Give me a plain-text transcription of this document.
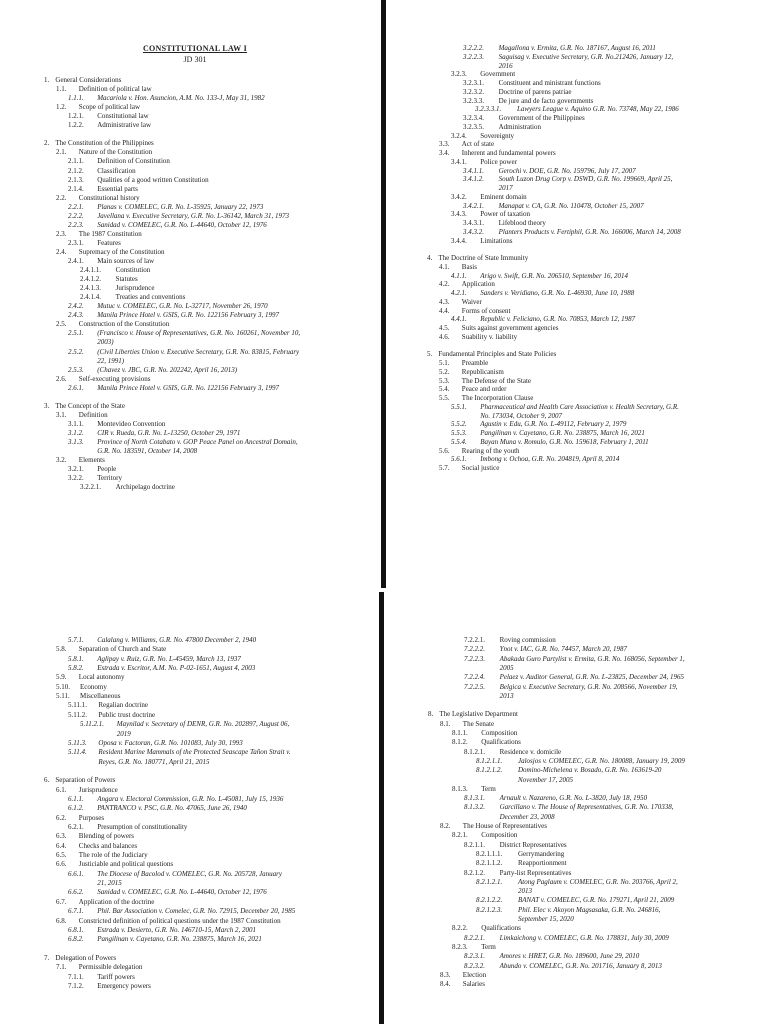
CONSTITUTIONAL LAW I
JD 301
1. General Considerations
1.1. Definition of political law
1.1.1. Macariola v. Hon. Asuncion, A.M. No. 133-J, May 31, 1982
1.2. Scope of political law
1.2.1. Constitutional law
1.2.2. Administrative law
2. The Constitution of the Philippines
2.1. Nature of the Constitution
2.1.1. Definition of Constitution
2.1.2. Classification
2.1.3. Qualities of a good written Constitution
2.1.4. Essential parts
2.2. Constitutional history
2.2.1. Planas v. COMELEC, G.R. No. L-35925, January 22, 1973
2.2.2. Javellana v. Executive Secretary, G.R. No. L-36142, March 31, 1973
2.2.3. Sanidad v. COMELEC, G.R. No. L-44640, October 12, 1976
2.3. The 1987 Constitution
2.3.1. Features
2.4. Supremacy of the Constitution
2.4.1. Main sources of law
2.4.1.1. Constitution
2.4.1.2. Statutes
2.4.1.3. Jurisprudence
2.4.1.4. Treaties and conventions
2.4.2. Mutuc v. COMELEC, G.R. No. L-32717, November 26, 1970
2.4.3. Manila Prince Hotel v. GSIS, G.R. No. 122156 February 3, 1997
2.5. Construction of the Constitution
2.5.1. (Francisco v. House of Representatives, G.R. No. 160261, November 10,
2003)
2.5.2. (Civil Liberties Union v. Executive Secretary, G.R. No. 83815, February
22, 1991)
2.5.3. (Chavez v. JBC, G.R. No. 202242, April 16, 2013)
2.6. Self-executing provisions
2.6.1. Manila Prince Hotel v. GSIS, G.R. No. 122156 February 3, 1997
3. The Concept of the State
3.1. Definition
3.1.1. Montevideo Convention
3.1.2. CIR v. Rueda, G.R. No. L-13250, October 29, 1971
3.1.3. Province of North Cotabato v. GOP Peace Panel on Ancestral Domain,
G.R. No. 183591, October 14, 2008
3.2. Elements
3.2.1. People
3.2.2. Territory
3.2.2.1. Archipelago doctrine
3.2.2.2. Magallona v. Ermita, G.R. No. 187167, August 16, 2011
3.2.2.3. Saguisag v. Executive Secretary, G.R. No.212426, January 12,
2016
3.2.3. Government
3.2.3.1. Constituent and ministrant functions
3.2.3.2. Doctrine of parens patriae
3.2.3.3. De jure and de facto governments
3.2.3.3.1. Lawyers League v. Aquino G.R. No. 73748, May 22, 1986
3.2.3.4. Government of the Philippines
3.2.3.5. Administration
3.2.4. Sovereignty
3.3. Act of state
3.4. Inherent and fundamental powers
3.4.1. Police power
3.4.1.1. Gerochi v. DOE, G.R. No. 159796, July 17, 2007
3.4.1.2. South Luzon Drug Corp v. DSWD, G.R. No. 199669, April 25,
2017
3.4.2. Eminent domain
3.4.2.1. Manapat v. CA, G.R. No. 110478, October 15, 2007
3.4.3. Power of taxation
3.4.3.1. Lifeblood theory
3.4.3.2. Planters Products v. Fertiphil, G.R. No. 166006, March 14, 2008
3.4.4. Limitations
4. The Doctrine of State Immunity
4.1. Basis
4.1.1. Arigo v. Swift, G.R. No. 206510, September 16, 2014
4.2. Application
4.2.1. Sanders v. Veridiano, G.R. No. L-46930, June 10, 1988
4.3. Waiver
4.4. Forms of consent
4.4.1. Republic v. Feliciano, G.R. No. 70853, March 12, 1987
4.5. Suits against government agencies
4.6. Suability v. liability
5. Fundamental Principles and State Policies
5.1. Preamble
5.2. Republicanism
5.3. The Defense of the State
5.4. Peace and order
5.5. The Incorporation Clause
5.5.1. Pharmaceutical and Health Care Association v. Health Secretary, G.R.
No. 173034, October 9, 2007
5.5.2. Agustin v. Edu, G.R. No. L-49112, February 2, 1979
5.5.3. Pangilinan v. Cayetano, G.R. No. 238875, March 16, 2021
5.5.4. Bayan Muna v. Romulo, G.R. No. 159618, February 1, 2011
5.6. Rearing of the youth
5.6.1. Imbong v. Ochoa, G.R. No. 204819, April 8, 2014
5.7. Social justice
5.7.1. Calalang v. Williams, G.R. No. 47800 December 2, 1940
5.8. Separation of Church and State
5.8.1. Aglipay v. Ruiz, G.R. No. L-45459, March 13, 1937
5.8.2. Estrada v. Escritor, A.M. No. P-02-1651, August 4, 2003
5.9. Local autonomy
5.10. Economy
5.11. Miscellaneous
5.11.1. Regalian doctrine
5.11.2. Public trust doctrine
5.11.2.1. Maynilad v. Secretary of DENR, G.R. No. 202897, August 06,
2019
5.11.3. Oposa v. Factoran, G.R. No. 101083, July 30, 1993
5.11.4. Resident Marine Mammals of the Protected Seascape Tañon Strait v.
Reyes, G.R. No. 180771, April 21, 2015
6. Separation of Powers
6.1. Jurisprudence
6.1.1. Angara v. Electoral Commission, G.R. No. L-45081, July 15, 1936
6.1.2. PANTRANCO v. PSC, G.R. No. 47065, June 26, 1940
6.2. Purposes
6.2.1. Presumption of constitutionality
6.3. Blending of powers
6.4. Checks and balances
6.5. The role of the Judiciary
6.6. Justiciable and political questions
6.6.1. The Diocese of Bacolod v. COMELEC, G.R. No. 205728, January
21, 2015
6.6.2. Sanidad v. COMELEC, G.R. No. L-44640, October 12, 1976
6.7. Application of the doctrine
6.7.1. Phil. Bar Association v. Comelec, G.R. No. 72915, December 20, 1985
6.8. Constricted definition of political questions under the 1987 Constitution
6.8.1. Estrada v. Desierto, G.R. No. 146710-15, March 2, 2001
6.8.2. Pangilinan v. Cayetano, G.R. No. 238875, March 16, 2021
7. Delegation of Powers
7.1. Permissible delegation
7.1.1. Tariff powers
7.1.2. Emergency powers
7.2.2.1. Roving commission
7.2.2.2. Ynot v. IAC, G.R. No. 74457, March 20, 1987
7.2.2.3. Abakada Guro Partylist v. Ermita, G.R. No. 168056, September 1,
2005
7.2.2.4. Pelaez v. Auditor General, G.R. No. L-23825, December 24, 1965
7.2.2.5. Belgica v. Executive Secretary, G.R. No. 208566, November 19,
2013
8. The Legislative Department
8.1. The Senate
8.1.1. Composition
8.1.2. Qualifications
8.1.2.1. Residence v. domicile
8.1.2.1.1. Jalosjos v. COMELEC, G.R. No. 180088, January 19, 2009
8.1.2.1.2. Domino-Michelena v. Bosado, G.R. No. 163619-20
November 17, 2005
8.1.3. Term
8.1.3.1. Arnault v. Nazareno, G.R. No. L-3820, July 18, 1950
8.1.3.2. Garcillano v. The House of Representatives, G.R. No. 170338,
December 23, 2008
8.2. The House of Representatives
8.2.1. Composition
8.2.1.1. District Representatives
8.2.1.1.1. Gerrymandering
8.2.1.1.2. Reapportionment
8.2.1.2. Party-list Representatives
8.2.1.2.1. Atong Paglaum v. COMELEC, G.R. No. 203766, April 2,
2013
8.2.1.2.2. BANAT v. COMELEC, G.R. No. 179271, April 21, 2009
8.2.1.2.3. Phil. Elec v. Akoyon Magsasaka, G.R. No. 246816,
September 15, 2020
8.2.2. Qualifications
8.2.2.1. Limkaichong v. COMELEC, G.R. No. 178831, July 30, 2009
8.2.3. Term
8.2.3.1. Amores v. HRET, G.R. No. 189600, June 29, 2010
8.2.3.2. Abundo v. COMELEC, G.R. No. 201716, January 8, 2013
8.3. Election
8.4. Salaries
